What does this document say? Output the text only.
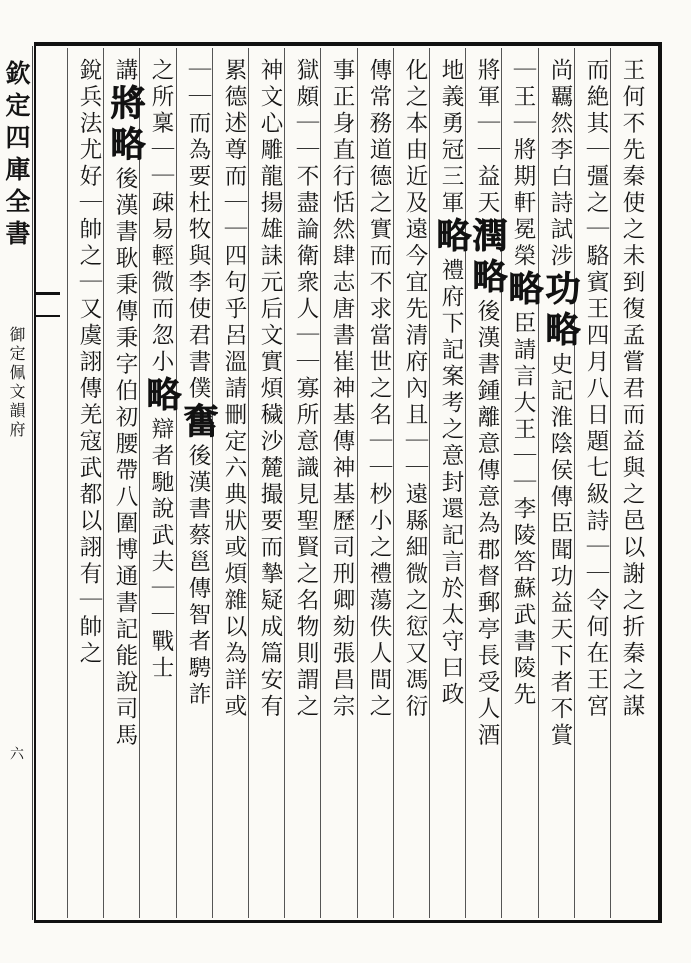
欽定四庫全書
御定佩文韻府
六
王何不先秦使之未到復孟嘗君而益與之邑以謝之折秦之謀
而絶其｜彊之｜駱賓王四月八日題七級詩｜｜令何在王宮
尚覊然李白詩試涉功略史記淮陰侯傳臣聞功益天下者不賞
｜王｜將期軒冕榮略臣請言大王｜｜李陵答蘇武書陵先
將軍｜｜益天潤略後漢書鍾離意傳意為郡督郵亭長受人酒
地義勇冠三軍略禮府下記案考之意封還記言於太守曰政
化之本由近及遠今宜先清府內且｜｜遠縣細微之愆又馮衍
傳常務道德之實而不求當世之名｜｜杪小之禮蕩佚人間之
事正身直行恬然肆志唐書崔神基傳神基歷司刑卿劾張昌宗
獄頗｜｜不盡論衛衆人｜｜寡所意識見聖賢之名物則謂之
神文心雕龍揚雄誄元后文實煩穢沙麓撮要而摯疑成篇安有
累德述尊而｜｜四句乎呂溫請刪定六典狀或煩雜以為詳或
｜｜而為要杜牧與李使君書僕奮後漢書蔡邕傳智者騁詐
之所稟｜｜疎易輕微而忽小略辯者馳說武夫｜｜戰士
講將略後漢書耿秉傳秉字伯初腰帶八圍博通書記能說司馬
銳兵法尤好｜帥之｜又虞詡傳羌寇武都以詡有｜帥之
